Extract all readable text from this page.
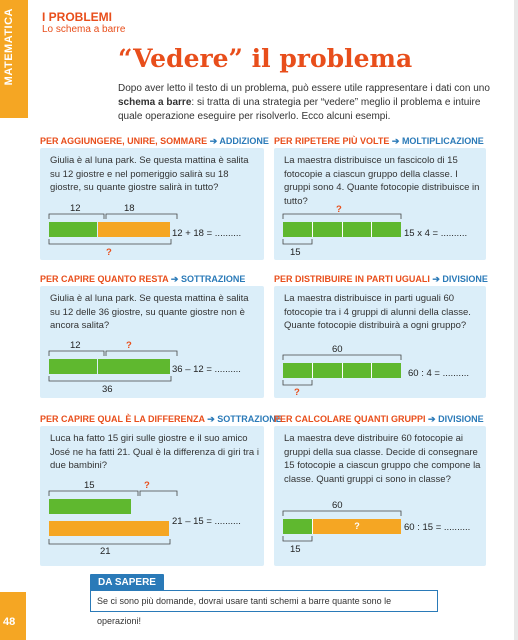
MATEMATICA I PROBLEMI
Lo schema a barre
“Vedere” il problema
Dopo aver letto il testo di un problema, può essere utile rappresentare i dati con uno schema a barre: si tratta di una strategia per “vedere” meglio il problema e intuire quale operazione eseguire per risolverlo. Ecco alcuni esempi.
PER AGGIUNGERE, UNIRE, SOMMARE ➔ ADDIZIONE
Giulia è al luna park. Se questa mattina è salita su 12 giostre e nel pomeriggio salirà su 18 giostre, su quante giostre salirà in tutto?
12	18
?
12 + 18 = ..........
PER RIPETERE PIÙ VOLTE ➔ MOLTIPLICAZIONE
La maestra distribuisce un fascicolo di 15 fotocopie a ciascun gruppo della classe. I gruppi sono 4. Quante fotocopie distribuisce in tutto?
?
15
15 x 4 = ..........
PER CAPIRE QUANTO RESTA ➔ SOTTRAZIONE
Giulia è al luna park. Se questa mattina è salita su 12 delle 36 giostre, su quante giostre non è ancora salita?
12	?
36
36 – 12 = ..........
PER DISTRIBUIRE IN PARTI UGUALI ➔ DIVISIONE
La maestra distribuisce in parti uguali 60 fotocopie tra i 4 gruppi di alunni della classe. Quante fotocopie distribuirà a ogni gruppo?
60
?
60 : 4 = ..........
PER CAPIRE QUAL È LA DIFFERENZA ➔ SOTTRAZIONE
Luca ha fatto 15 giri sulle giostre e il suo amico José ne ha fatti 21. Qual è la differenza di giri tra i due bambini?
15	?
21
21 – 15 = ..........
PER CALCOLARE QUANTI GRUPPI ➔ DIVISIONE
La maestra deve distribuire 60 fotocopie ai gruppi della sua classe. Decide di consegnare 15 fotocopie a ciascun gruppo che compone la classe. Quanti gruppi ci sono in classe?
60
?
15
60 : 15 = ..........
DA SAPERE
Se ci sono più domande, dovrai usare tanti schemi a barre quante sono le operazioni!
48
